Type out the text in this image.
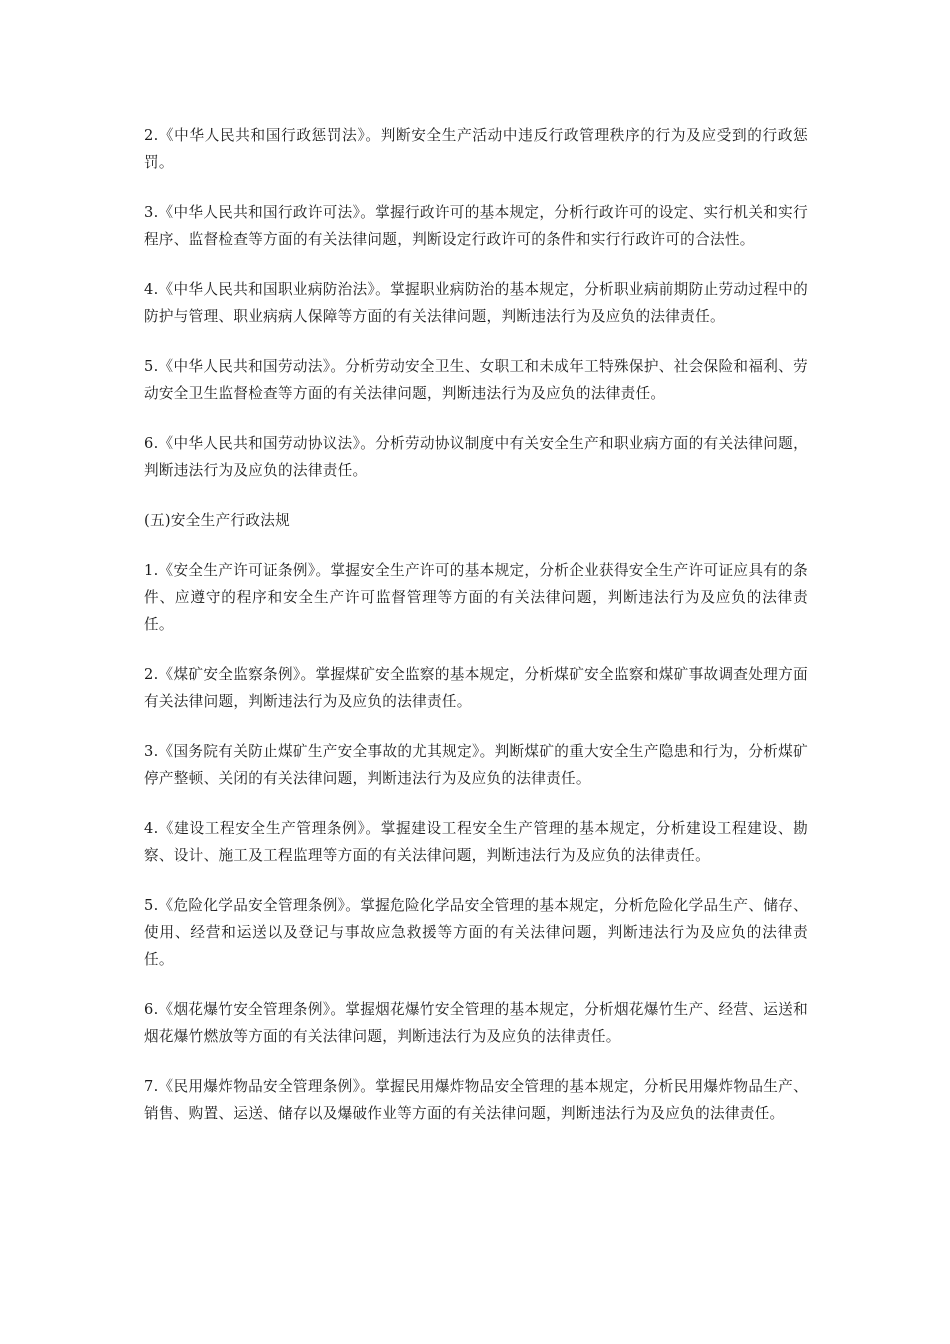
2.《中华人民共和国行政惩罚法》。判断安全生产活动中违反行政管理秩序的行为及应受到的行政惩罚。

3.《中华人民共和国行政许可法》。掌握行政许可的基本规定，分析行政许可的设定、实行机关和实行程序、监督检查等方面的有关法律问题，判断设定行政许可的条件和实行行政许可的合法性。

4.《中华人民共和国职业病防治法》。掌握职业病防治的基本规定，分析职业病前期防止劳动过程中的防护与管理、职业病病人保障等方面的有关法律问题，判断违法行为及应负的法律责任。

5.《中华人民共和国劳动法》。分析劳动安全卫生、女职工和未成年工特殊保护、社会保险和福利、劳动安全卫生监督检查等方面的有关法律问题，判断违法行为及应负的法律责任。

6.《中华人民共和国劳动协议法》。分析劳动协议制度中有关安全生产和职业病方面的有关法律问题，判断违法行为及应负的法律责任。

(五)安全生产行政法规

1.《安全生产许可证条例》。掌握安全生产许可的基本规定，分析企业获得安全生产许可证应具有的条件、应遵守的程序和安全生产许可监督管理等方面的有关法律问题，判断违法行为及应负的法律责任。

2.《煤矿安全监察条例》。掌握煤矿安全监察的基本规定，分析煤矿安全监察和煤矿事故调查处理方面有关法律问题，判断违法行为及应负的法律责任。

3.《国务院有关防止煤矿生产安全事故的尤其规定》。判断煤矿的重大安全生产隐患和行为，分析煤矿停产整顿、关闭的有关法律问题，判断违法行为及应负的法律责任。

4.《建设工程安全生产管理条例》。掌握建设工程安全生产管理的基本规定，分析建设工程建设、勘察、设计、施工及工程监理等方面的有关法律问题，判断违法行为及应负的法律责任。

5.《危险化学品安全管理条例》。掌握危险化学品安全管理的基本规定，分析危险化学品生产、储存、使用、经营和运送以及登记与事故应急救援等方面的有关法律问题，判断违法行为及应负的法律责任。

6.《烟花爆竹安全管理条例》。掌握烟花爆竹安全管理的基本规定，分析烟花爆竹生产、经营、运送和烟花爆竹燃放等方面的有关法律问题，判断违法行为及应负的法律责任。

7.《民用爆炸物品安全管理条例》。掌握民用爆炸物品安全管理的基本规定，分析民用爆炸物品生产、销售、购置、运送、储存以及爆破作业等方面的有关法律问题，判断违法行为及应负的法律责任。
